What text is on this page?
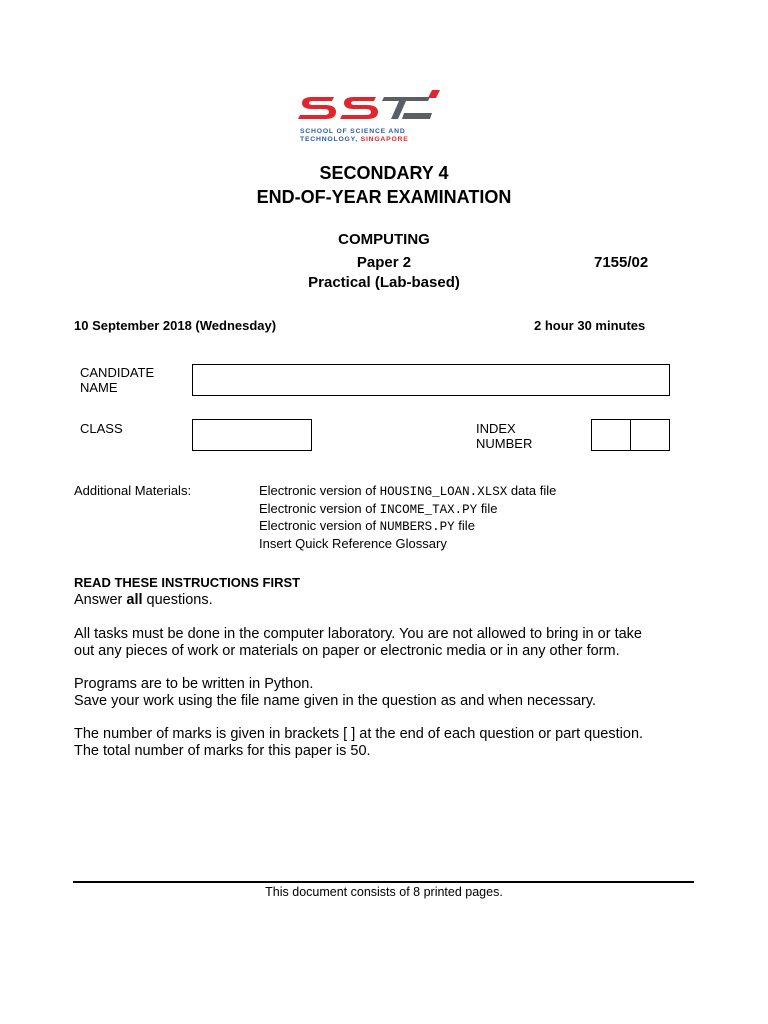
SCHOOL OF SCIENCE AND
TECHNOLOGY, SINGAPORE
SECONDARY 4
END-OF-YEAR EXAMINATION
COMPUTING
Paper 2	7155/02
Practical (Lab-based)
10 September 2018 (Wednesday)	2 hour 30 minutes
CANDIDATE
NAME
CLASS	INDEX
NUMBER
Additional Materials:	Electronic version of HOUSING_LOAN.XLSX data file
Electronic version of INCOME_TAX.PY file
Electronic version of NUMBERS.PY file
Insert Quick Reference Glossary
READ THESE INSTRUCTIONS FIRST
Answer all questions.
All tasks must be done in the computer laboratory. You are not allowed to bring in or take
out any pieces of work or materials on paper or electronic media or in any other form.
Programs are to be written in Python.
Save your work using the file name given in the question as and when necessary.
The number of marks is given in brackets [ ] at the end of each question or part question.
The total number of marks for this paper is 50.
This document consists of 8 printed pages.
